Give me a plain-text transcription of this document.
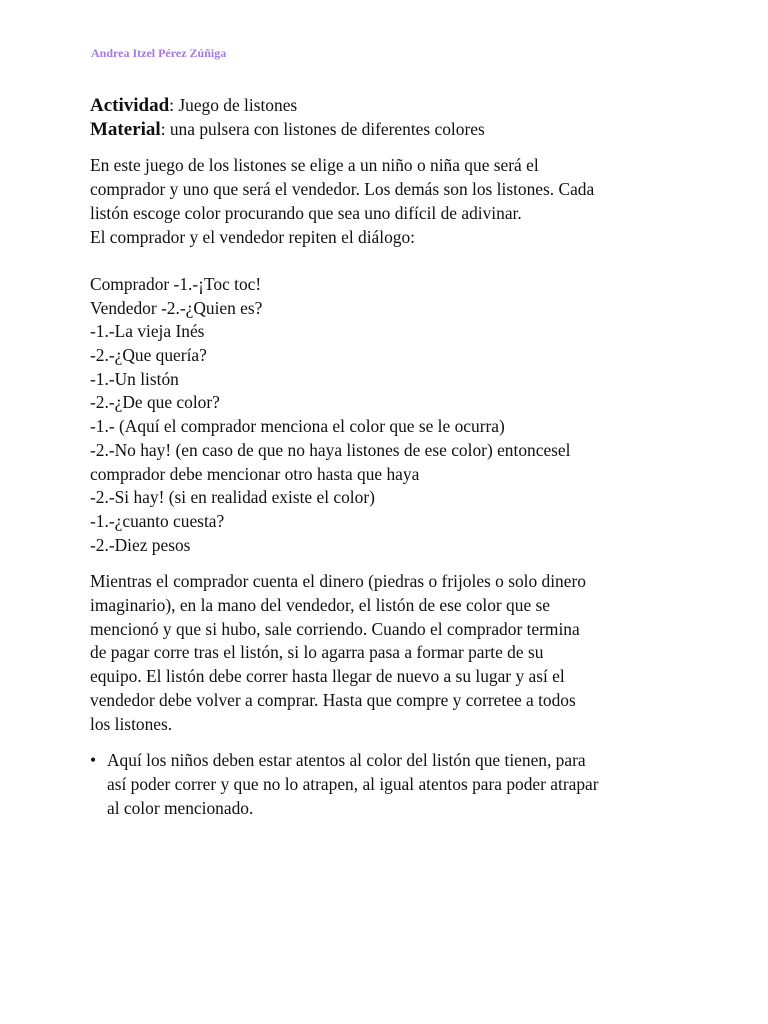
Andrea Itzel Pérez Zúñiga
Actividad: Juego de listones
Material: una pulsera con listones de diferentes colores
En este juego de los listones se elige a un niño o niña que será el
comprador y uno que será el vendedor. Los demás son los listones. Cada
listón escoge color procurando que sea uno difícil de adivinar.
El comprador y el vendedor repiten el diálogo:
Comprador -1.-¡Toc toc!
Vendedor -2.-¿Quien es?
-1.-La vieja Inés
-2.-¿Que quería?
-1.-Un listón
-2.-¿De que color?
-1.- (Aquí el comprador menciona el color que se le ocurra)
-2.-No hay! (en caso de que no haya listones de ese color) entoncesel
comprador debe mencionar otro hasta que haya
-2.-Si hay! (si en realidad existe el color)
-1.-¿cuanto cuesta?
-2.-Diez pesos
Mientras el comprador cuenta el dinero (piedras o frijoles o solo dinero
imaginario), en la mano del vendedor, el listón de ese color que se
mencionó y que si hubo, sale corriendo. Cuando el comprador termina
de pagar corre tras el listón, si lo agarra pasa a formar parte de su
equipo. El listón debe correr hasta llegar de nuevo a su lugar y así el
vendedor debe volver a comprar. Hasta que compre y corretee a todos
los listones.
• Aquí los niños deben estar atentos al color del listón que tienen, para
así poder correr y que no lo atrapen, al igual atentos para poder atrapar
al color mencionado.
